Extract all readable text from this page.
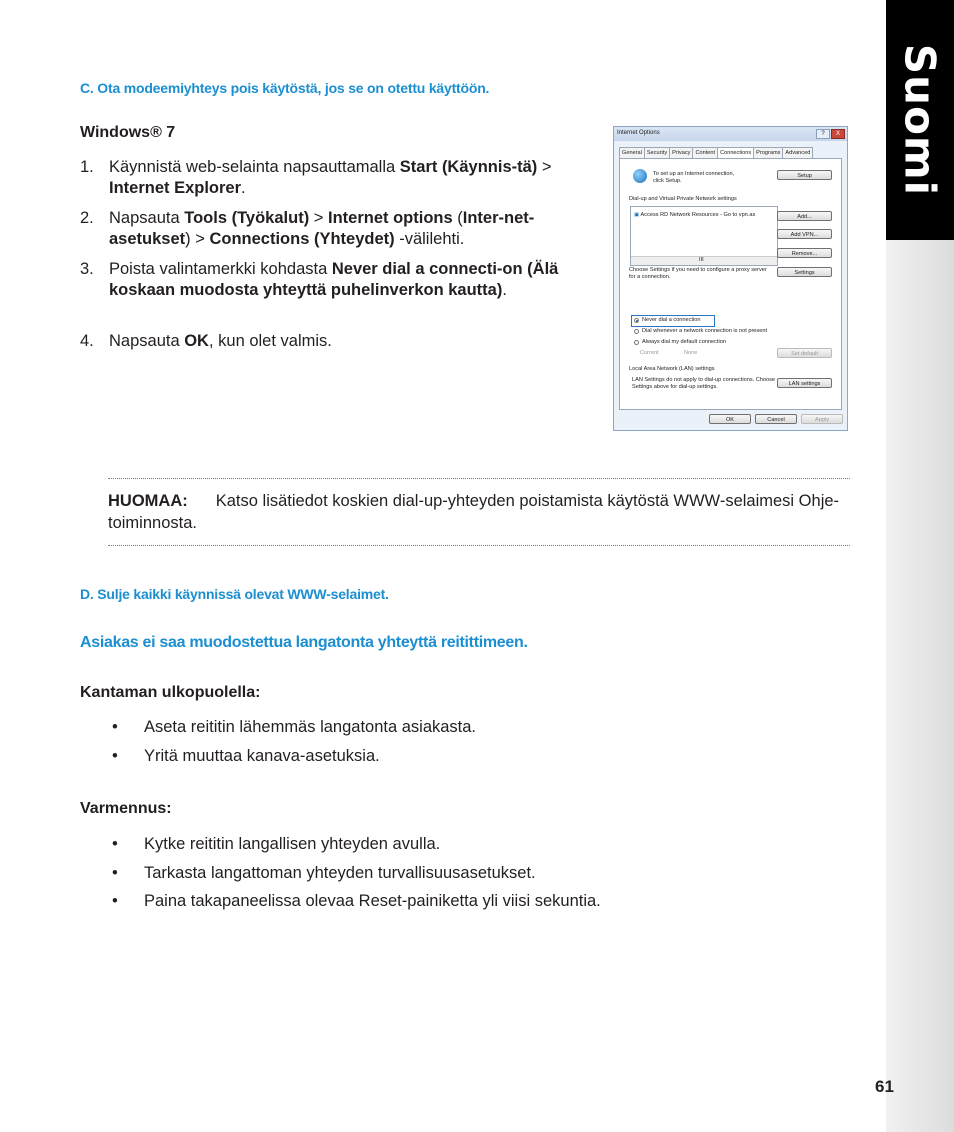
Suomi
C. Ota modeemiyhteys pois käytöstä, jos se on otettu käyttöön.
Windows® 7
1. Käynnistä web-selainta napsauttamalla Start (Käynnis-tä) > Internet Explorer.
2. Napsauta Tools (Työkalut) > Internet options (Inter-net-asetukset) > Connections (Yhteydet) -välilehti.
3. Poista valintamerkki kohdasta Never dial a connecti-on (Älä koskaan muodosta yhteyttä puhelinverkon kautta).
4. Napsauta OK, kun olet valmis.
Internet Options	? X
General Security Privacy Content Connections Programs Advanced
To set up an Internet connection, click Setup.
Setup
Dial-up and Virtual Private Network settings
▣ Access RD Network Resources - Go to vpn.as
III
Add...
Add VPN...
Remove...
Choose Settings if you need to configure a proxy server for a connection.
Settings
Never dial a connection
Dial whenever a network connection is not present
Always dial my default connection
Current	None	Set default
Local Area Network (LAN) settings
LAN Settings do not apply to dial-up connections. Choose Settings above for dial-up settings.	LAN settings
OK	Cancel	Apply
HUOMAA: Katso lisätiedot koskien dial-up-yhteyden poistamista käytöstä WWW-selaimesi Ohje-toiminnosta.
D. Sulje kaikki käynnissä olevat WWW-selaimet.
Asiakas ei saa muodostettua langatonta yhteyttä reitittimeen.
Kantaman ulkopuolella:
• Aseta reititin lähemmäs langatonta asiakasta.
• Yritä muuttaa kanava-asetuksia.
Varmennus:
• Kytke reititin langallisen yhteyden avulla.
• Tarkasta langattoman yhteyden turvallisuusasetukset.
• Paina takapaneelissa olevaa Reset-painiketta yli viisi sekuntia.
61
